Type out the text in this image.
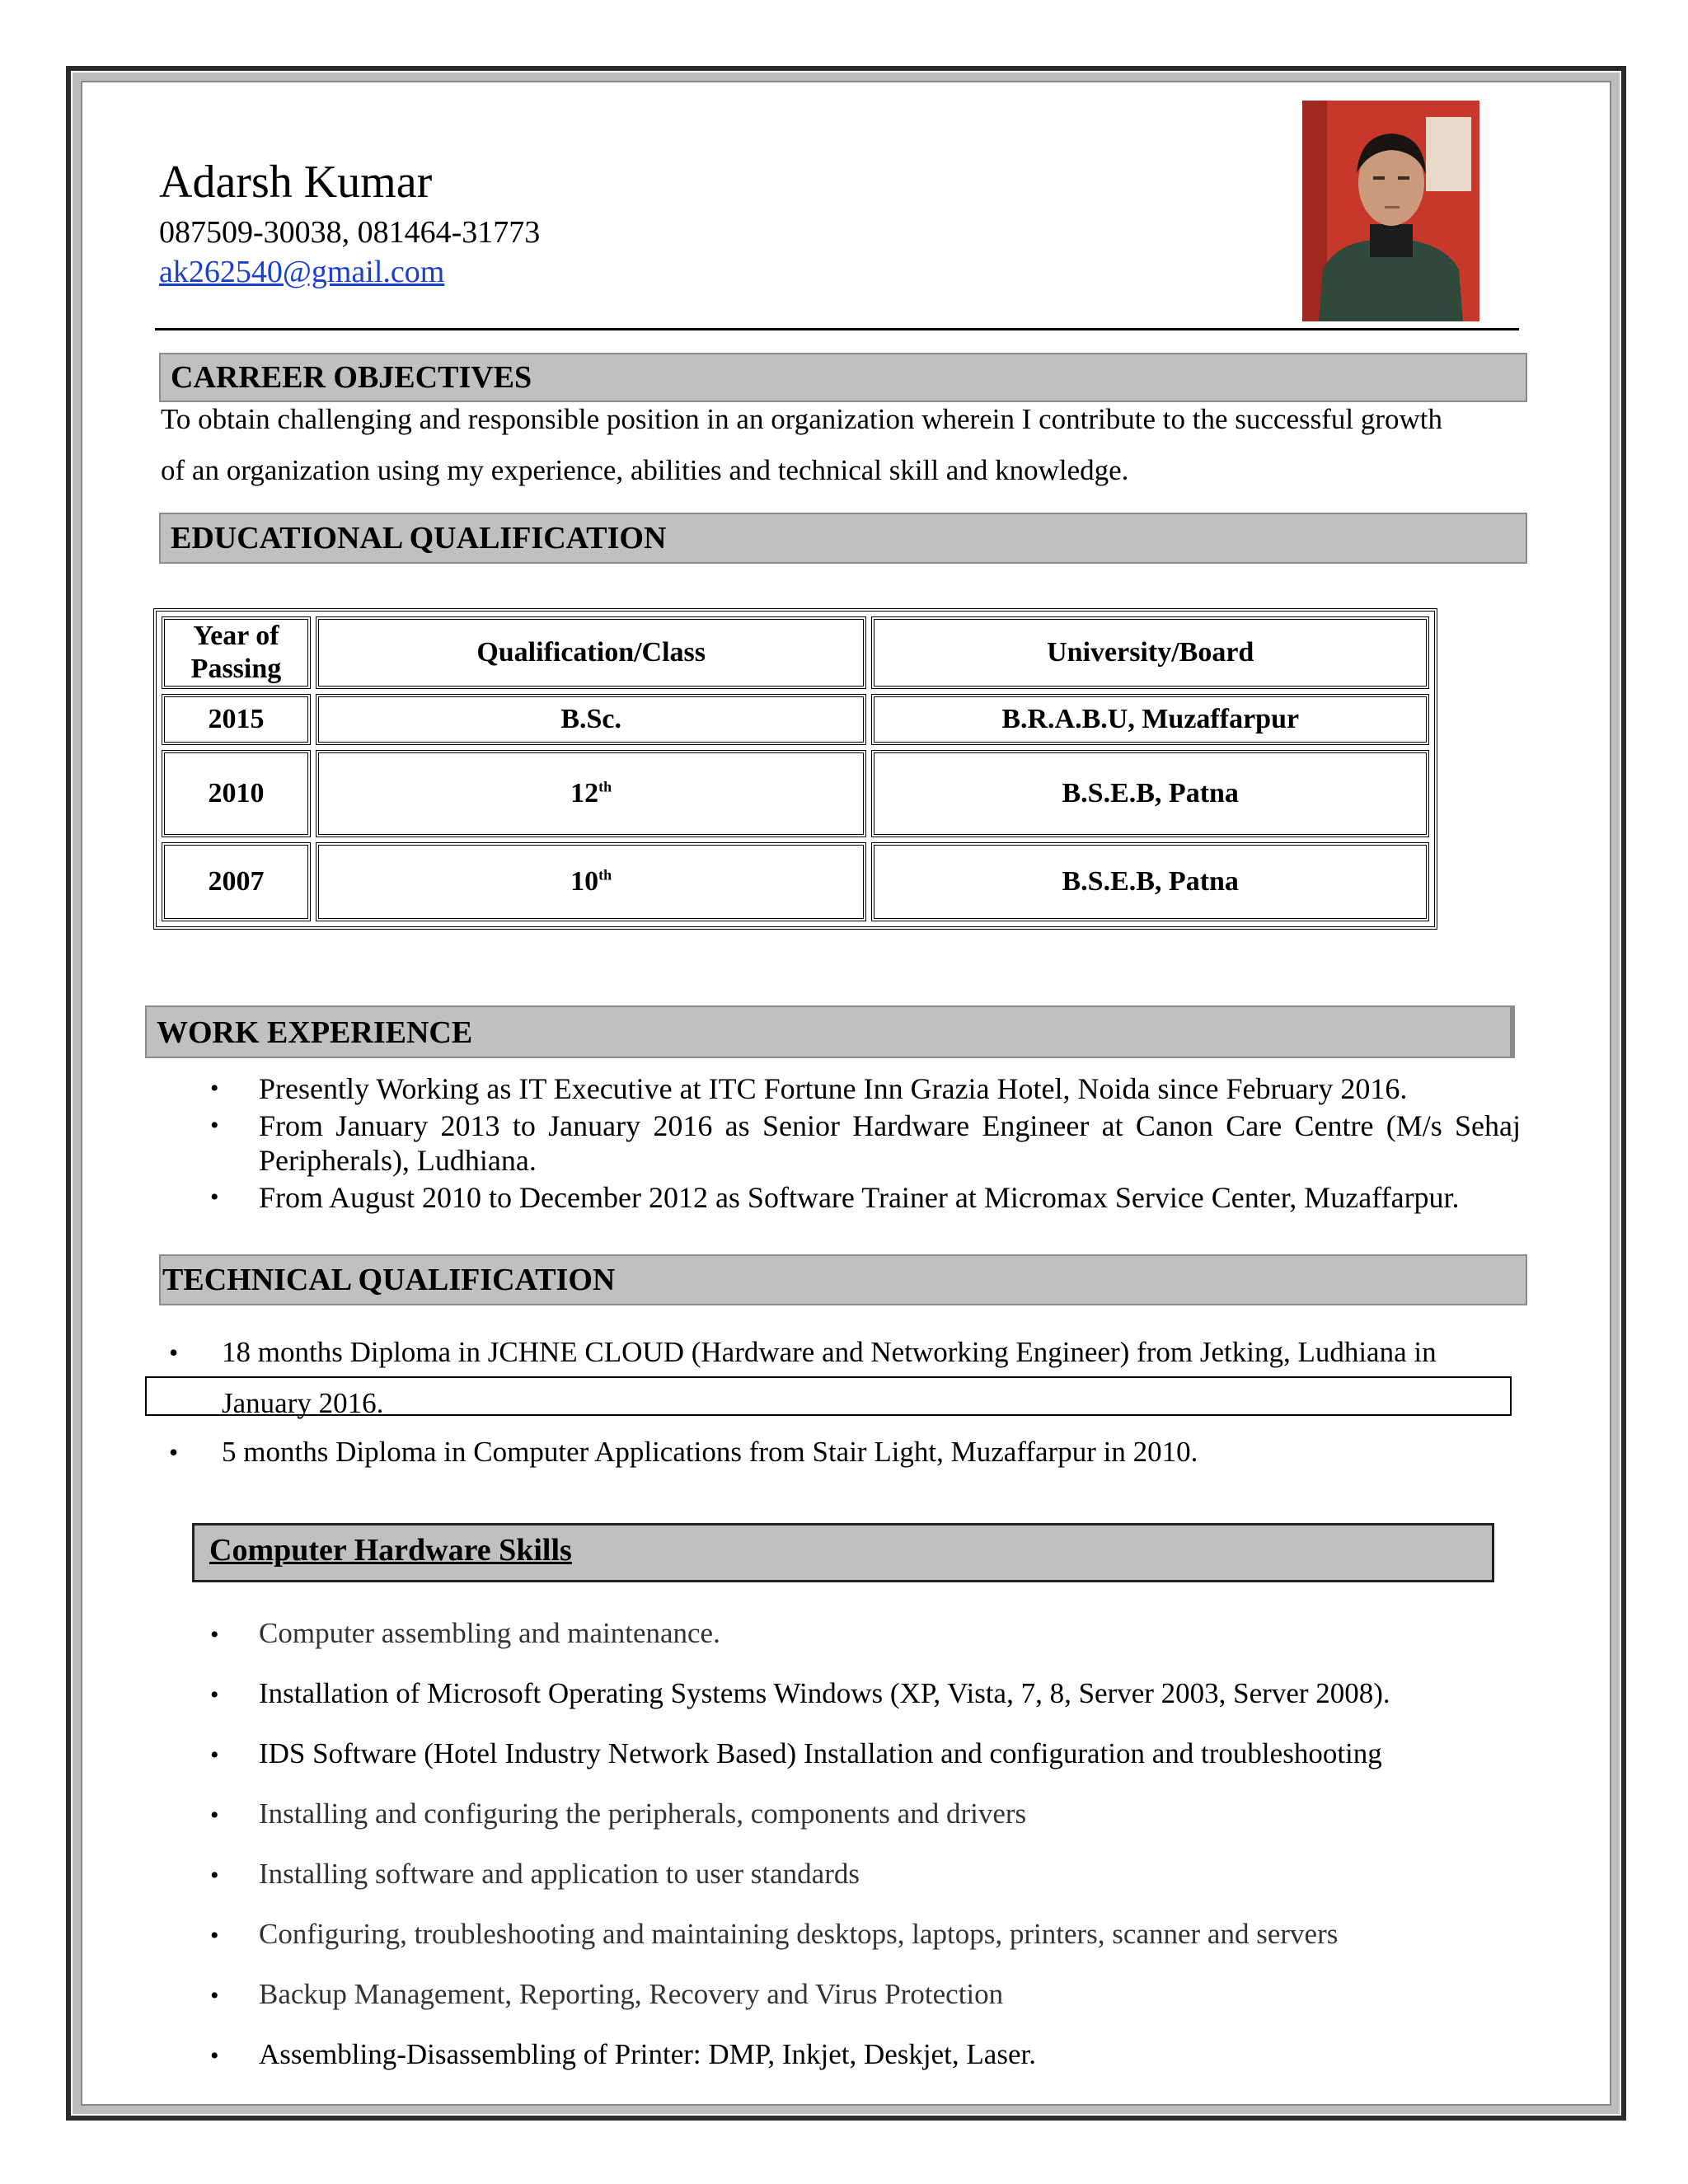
Adarsh Kumar
087509-30038, 081464-31773
ak262540@gmail.com
CARREER OBJECTIVES
To obtain challenging and responsible position in an organization wherein I contribute to the successful growth
of an organization using my experience, abilities and technical skill and knowledge.
EDUCATIONAL QUALIFICATION
Year of
Passing	Qualification/Class	University/Board
2015	B.Sc.	B.R.A.B.U, Muzaffarpur
2010	12th	B.S.E.B, Patna
2007	10th	B.S.E.B, Patna
WORK EXPERIENCE
• Presently Working as IT Executive at ITC Fortune Inn Grazia Hotel, Noida since February 2016.
• From January 2013 to January 2016 as Senior Hardware Engineer at Canon Care Centre (M/s Sehaj
Peripherals), Ludhiana.
• From August 2010 to December 2012 as Software Trainer at Micromax Service Center, Muzaffarpur.
TECHNICAL QUALIFICATION
• 18 months Diploma in JCHNE CLOUD (Hardware and Networking Engineer) from Jetking, Ludhiana in
January 2016.
• 5 months Diploma in Computer Applications from Stair Light, Muzaffarpur in 2010.
Computer Hardware Skills
• Computer assembling and maintenance.
• Installation of Microsoft Operating Systems Windows (XP, Vista, 7, 8, Server 2003, Server 2008).
• IDS Software (Hotel Industry Network Based) Installation and configuration and troubleshooting
• Installing and configuring the peripherals, components and drivers
• Installing software and application to user standards
• Configuring, troubleshooting and maintaining desktops, laptops, printers, scanner and servers
• Backup Management, Reporting, Recovery and Virus Protection
• Assembling-Disassembling of Printer: DMP, Inkjet, Deskjet, Laser.
